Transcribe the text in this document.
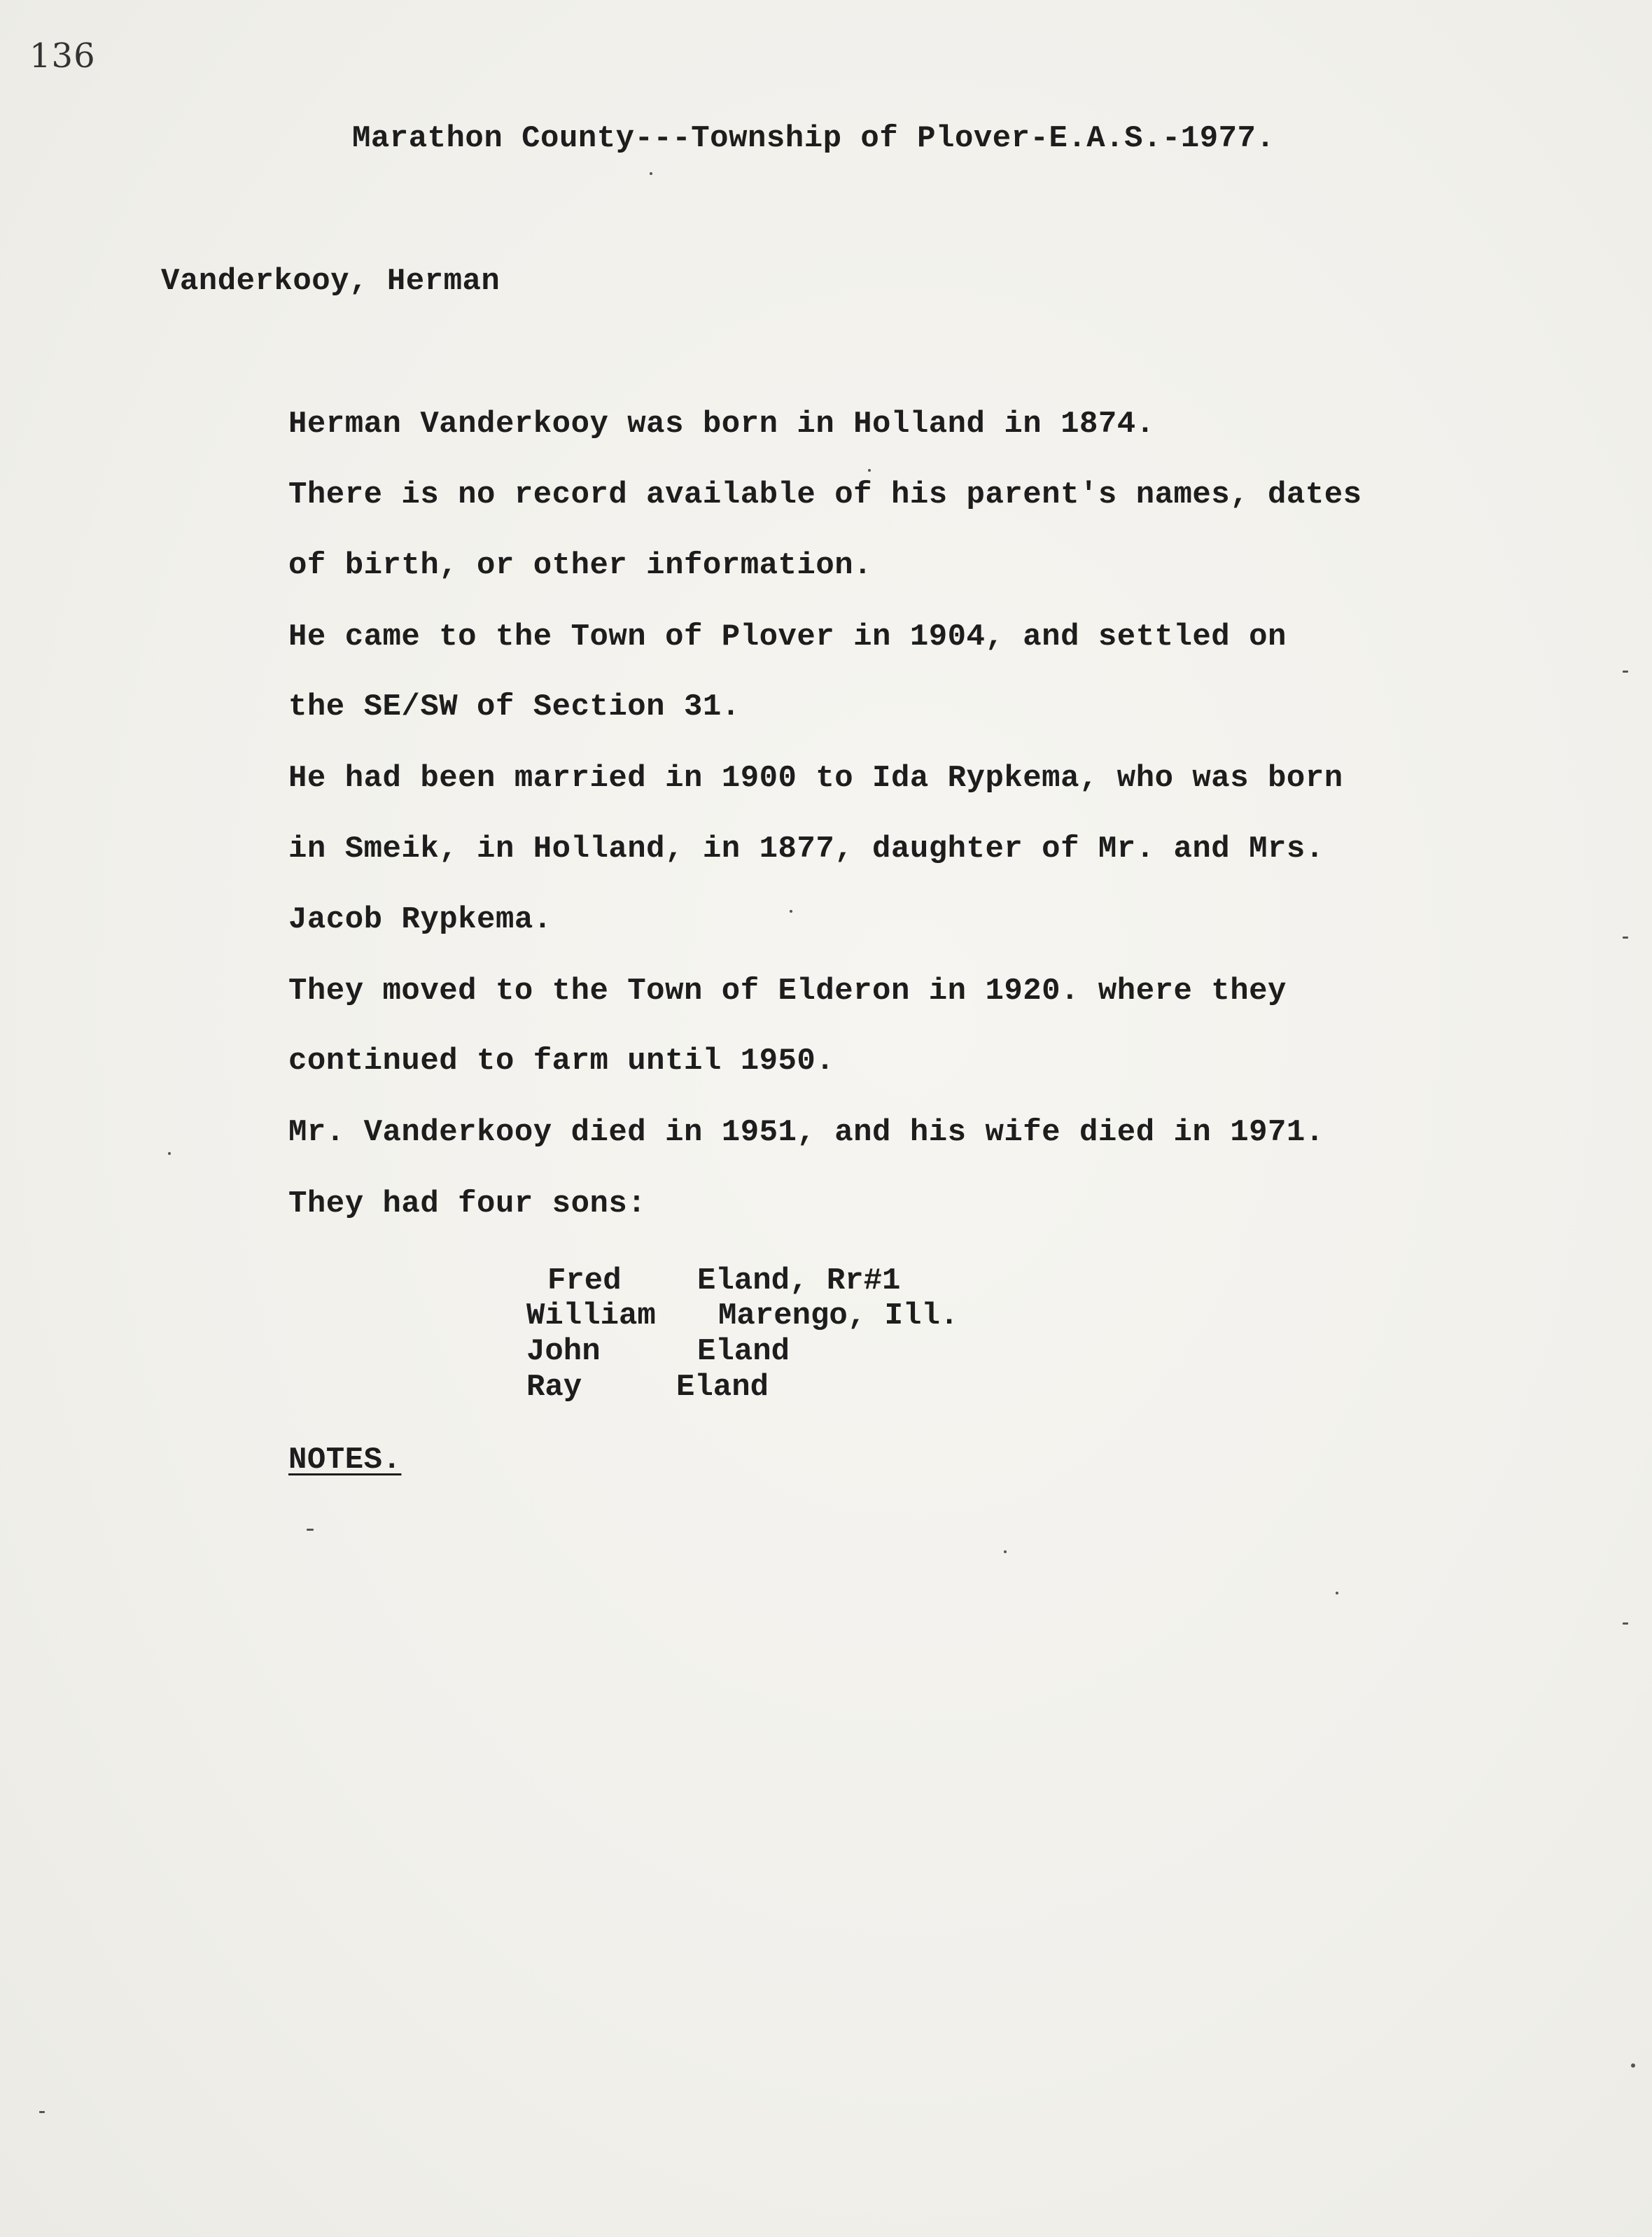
136
Marathon County---Township of Plover-E.A.S.-1977.
Vanderkooy, Herman
Herman Vanderkooy was born in Holland in 1874.
There is no record available of his parent's names, dates
of birth, or other information.
He came to the Town of Plover in 1904, and settled on
the SE/SW of Section 31.
He had been married in 1900 to Ida Rypkema, who was born
in Smeik, in Holland, in 1877, daughter of Mr. and Mrs.
Jacob Rypkema.
They moved to the Town of Elderon in 1920. where they
continued to farm until 1950.
Mr. Vanderkooy died in 1951, and his wife died in 1971.
They had four sons:

Fred

Eland, Rr#1

William

Marengo, Ill.

John

	Eland

Ray

	Eland

NOTES.
